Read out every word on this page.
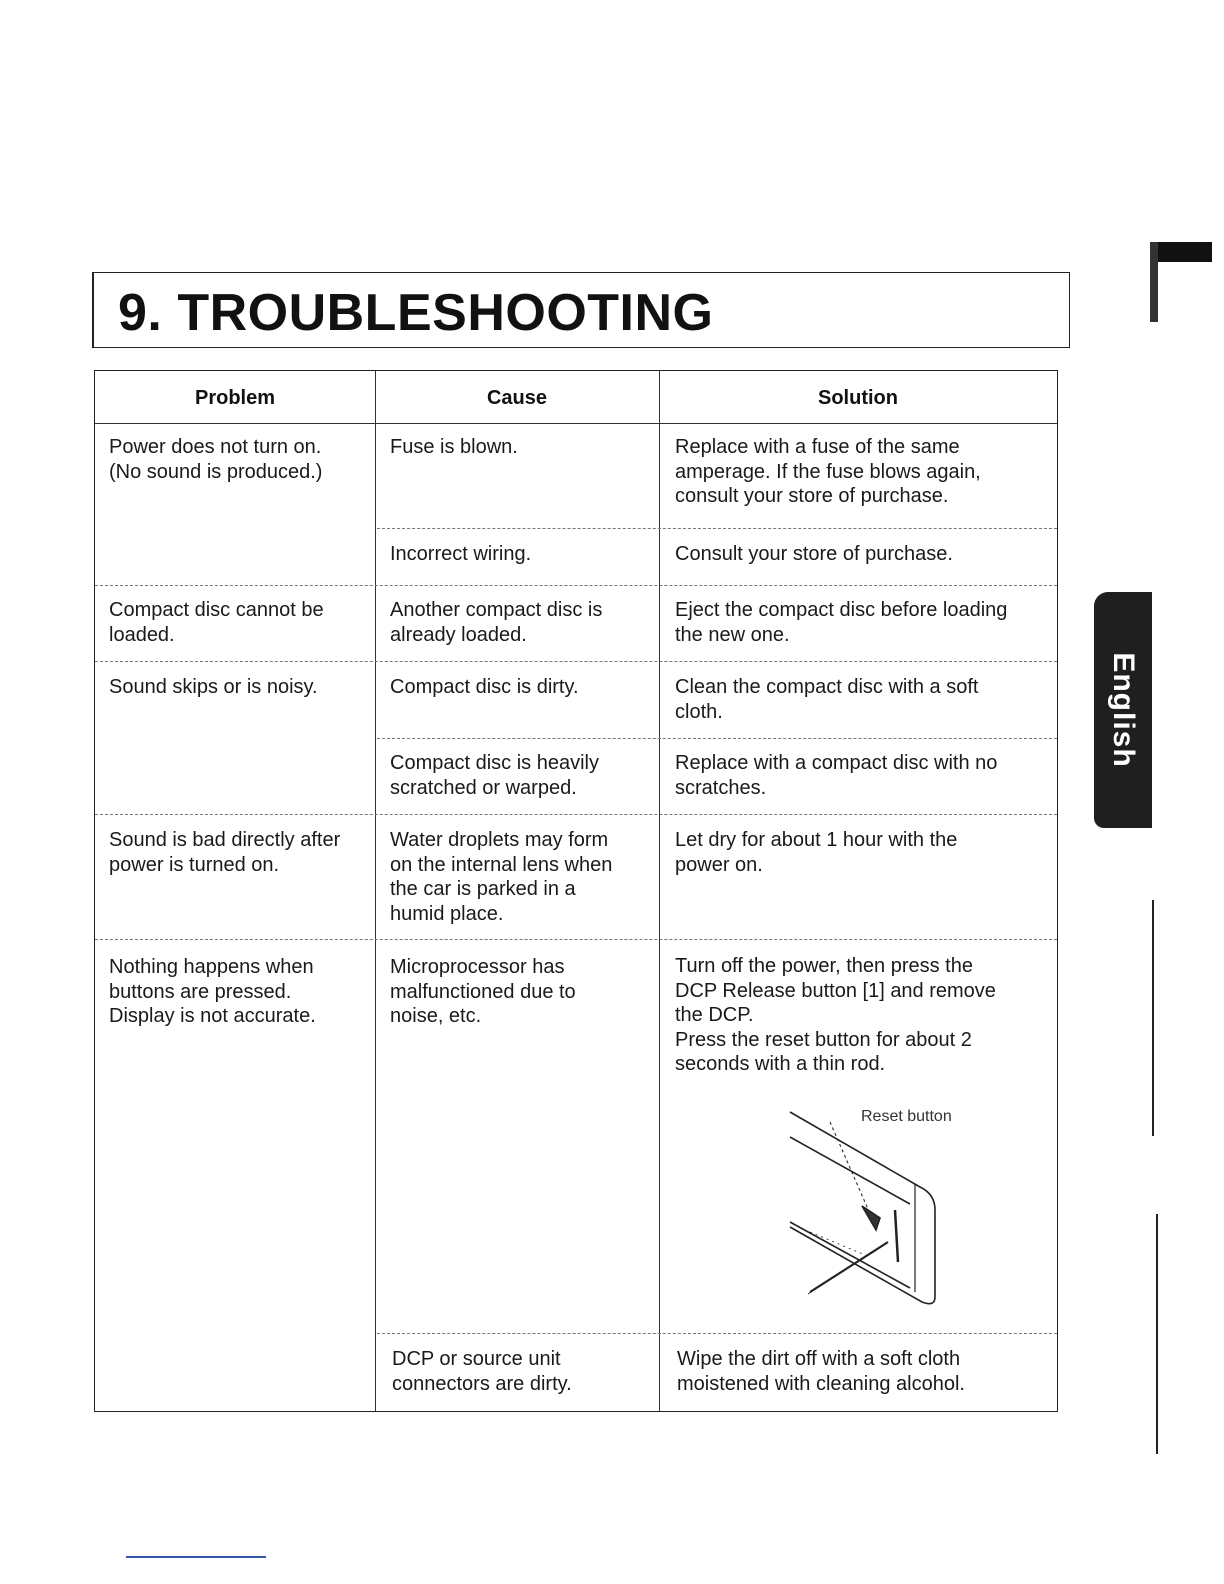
9. TROUBLESHOOTING
Problem	Cause	Solution
Power does not turn on.
(No sound is produced.)
Compact disc cannot be
loaded.
Sound skips or is noisy.
Sound is bad directly after
power is turned on.
Nothing happens when
buttons are pressed.
Display is not accurate.
Fuse is blown.
Incorrect wiring.
Another compact disc is
already loaded.
Compact disc is dirty.
Compact disc is heavily
scratched or warped.
Water droplets may form
on the internal lens when
the car is parked in a
humid place.
Microprocessor has
malfunctioned due to
noise, etc.
DCP or source unit
connectors are dirty.
Replace with a fuse of the same
amperage. If the fuse blows again,
consult your store of purchase.
Consult your store of purchase.
Eject the compact disc before loading
the new one.
Clean the compact disc with a soft
cloth.
Replace with a compact disc with no
scratches.
Let dry for about 1 hour with the
power on.
Turn off the power, then press the
DCP Release button [1] and remove
the DCP.
Press the reset button for about 2
seconds with a thin rod.
Wipe the dirt off with a soft cloth
moistened with cleaning alcohol.
Reset button
English
